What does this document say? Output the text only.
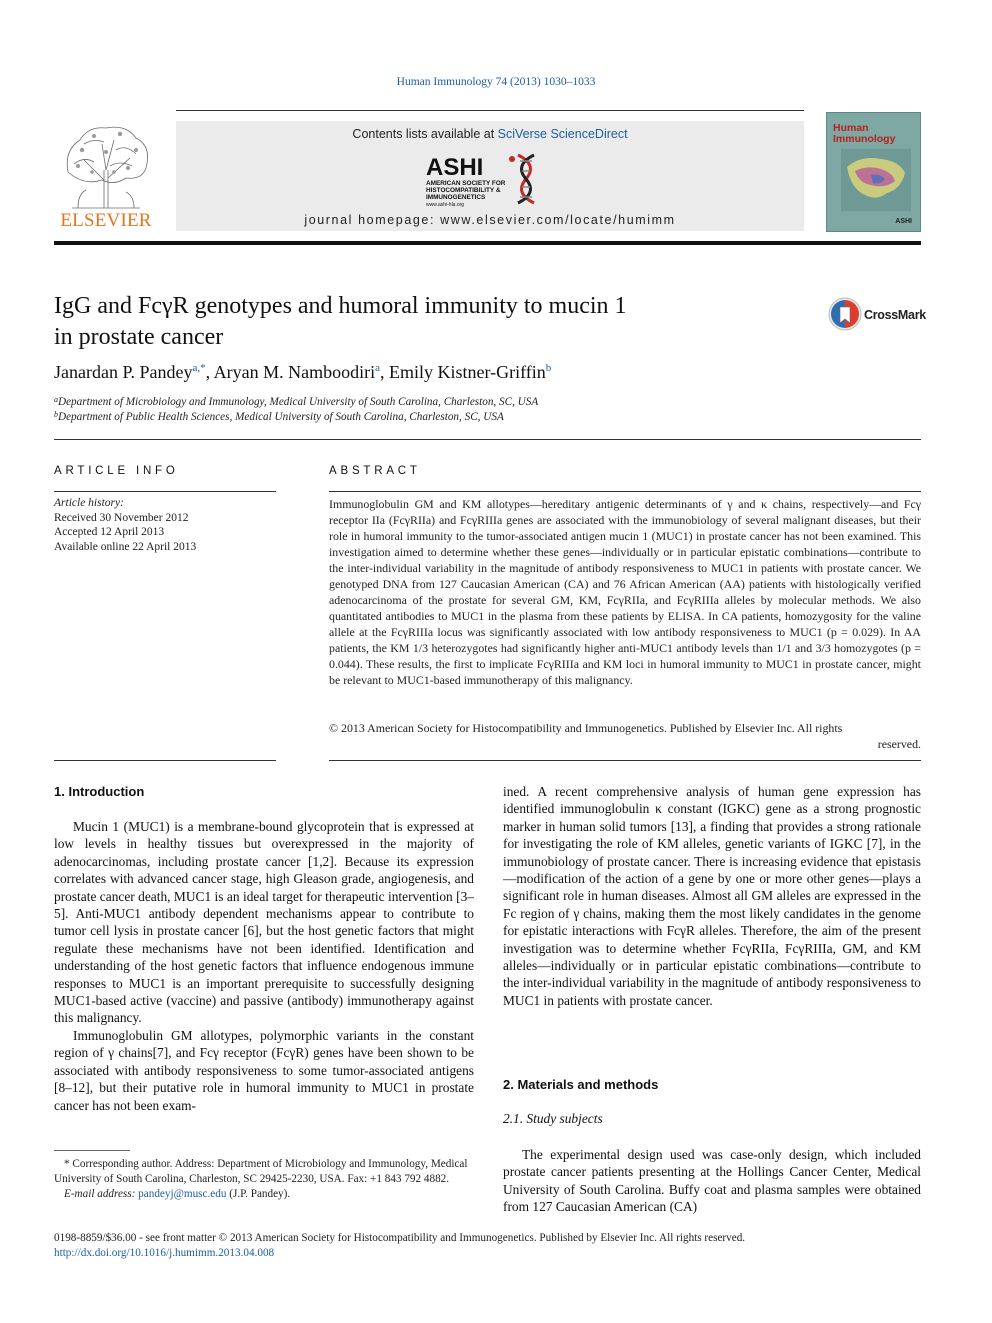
Human Immunology 74 (2013) 1030–1033
ELSEVIER
Contents lists available at SciVerse ScienceDirect
ASHI
AMERICAN SOCIETY FOR
HISTOCOMPATIBILITY &
IMMUNOGENETICS
www.ashi-hla.org
journal homepage: www.elsevier.com/locate/humimm
Human
Immunology
ASHI
IgG and FcγR genotypes and humoral immunity to mucin 1
in prostate cancer
CrossMark
Janardan P. Pandey$^{a,*}$, Aryan M. Namboodiri$^a$, Emily Kistner-Griffin$^b$
$^a$Department of Microbiology and Immunology, Medical University of South Carolina, Charleston, SC, USA
$^b$Department of Public Health Sciences, Medical University of South Carolina, Charleston, SC, USA
ARTICLE INFO
Article history:
Received 30 November 2012
Accepted 12 April 2013
Available online 22 April 2013
ABSTRACT
Immunoglobulin GM and KM allotypes—hereditary antigenic determinants of γ and κ chains, respectively—and Fcγ receptor IIa (FcγRIIa) and FcγRIIIa genes are associated with the immunobiology of several malignant diseases, but their role in humoral immunity to the tumor-associated antigen mucin 1 (MUC1) in prostate cancer has not been examined. This investigation aimed to determine whether these genes—individually or in particular epistatic combinations—contribute to the inter-individual variability in the magnitude of antibody responsiveness to MUC1 in patients with prostate cancer. We genotyped DNA from 127 Caucasian American (CA) and 76 African American (AA) patients with histologically verified adenocarcinoma of the prostate for several GM, KM, FcγRIIa, and FcγRIIIa alleles by molecular methods. We also quantitated antibodies to MUC1 in the plasma from these patients by ELISA. In CA patients, homozygosity for the valine allele at the FcγRIIIa locus was significantly associated with low antibody responsiveness to MUC1 (p = 0.029). In AA patients, the KM 1/3 heterozygotes had significantly higher anti-MUC1 antibody levels than 1/1 and 3/3 homozygotes (p = 0.044). These results, the first to implicate FcγRIIIa and KM loci in humoral immunity to MUC1 in prostate cancer, might be relevant to MUC1-based immunotherapy of this malignancy.
© 2013 American Society for Histocompatibility and Immunogenetics. Published by Elsevier Inc. All rights
reserved.
1. Introduction

Mucin 1 (MUC1) is a membrane-bound glycoprotein that is expressed at low levels in healthy tissues but overexpressed in the majority of adenocarcinomas, including prostate cancer [1,2]. Because its expression correlates with advanced cancer stage, high Gleason grade, angiogenesis, and prostate cancer death, MUC1 is an ideal target for therapeutic intervention [3–5]. Anti-MUC1 antibody dependent mechanisms appear to contribute to tumor cell lysis in prostate cancer [6], but the host genetic factors that might regulate these mechanisms have not been identified. Identification and understanding of the host genetic factors that influence endogenous immune responses to MUC1 is an important prerequisite to successfully designing MUC1-based active (vaccine) and passive (antibody) immunotherapy against this malignancy.

Immunoglobulin GM allotypes, polymorphic variants in the constant region of γ chains[7], and Fcγ receptor (FcγR) genes have been shown to be associated with antibody responsiveness to some tumor-associated antigens [8–12], but their putative role in humoral immunity to MUC1 in prostate cancer has not been exam-

ined. A recent comprehensive analysis of human gene expression has identified immunoglobulin κ constant (IGKC) gene as a strong prognostic marker in human solid tumors [13], a finding that provides a strong rationale for investigating the role of KM alleles, genetic variants of IGKC [7], in the immunobiology of prostate cancer. There is increasing evidence that epistasis—modification of the action of a gene by one or more other genes—plays a significant role in human diseases. Almost all GM alleles are expressed in the Fc region of γ chains, making them the most likely candidates in the genome for epistatic interactions with FcγR alleles. Therefore, the aim of the present investigation was to determine whether FcγRIIa, FcγRIIIa, GM, and KM alleles—individually or in particular epistatic combinations—contribute to the inter-individual variability in the magnitude of antibody responsiveness to MUC1 in patients with prostate cancer.

2. Materials and methods
2.1. Study subjects

The experimental design used was case-only design, which included prostate cancer patients presenting at the Hollings Cancer Center, Medical University of South Carolina. Buffy coat and plasma samples were obtained from 127 Caucasian American (CA)

* Corresponding author. Address: Department of Microbiology and Immunology, Medical University of South Carolina, Charleston, SC 29425-2230, USA. Fax: +1 843 792 4882.
E-mail address: pandeyj@musc.edu (J.P. Pandey).
0198-8859/$36.00 - see front matter © 2013 American Society for Histocompatibility and Immunogenetics. Published by Elsevier Inc. All rights reserved.
http://dx.doi.org/10.1016/j.humimm.2013.04.008
